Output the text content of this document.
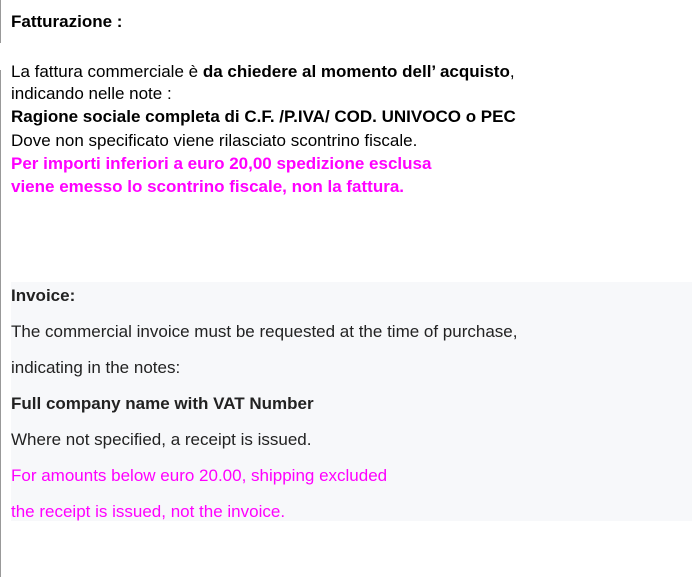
Fatturazione :
La fattura commerciale è da chiedere al momento dell’ acquisto,
indicando nelle note :
Ragione sociale completa di C.F. /P.IVA/ COD. UNIVOCO o PEC
Dove non specificato viene rilasciato scontrino fiscale.
Per importi inferiori a euro 20,00 spedizione esclusa
viene emesso lo scontrino fiscale, non la fattura.
Invoice:
The commercial invoice must be requested at the time of purchase,
indicating in the notes:
Full company name with VAT Number
Where not specified, a receipt is issued.
For amounts below euro 20.00, shipping excluded
the receipt is issued, not the invoice.
